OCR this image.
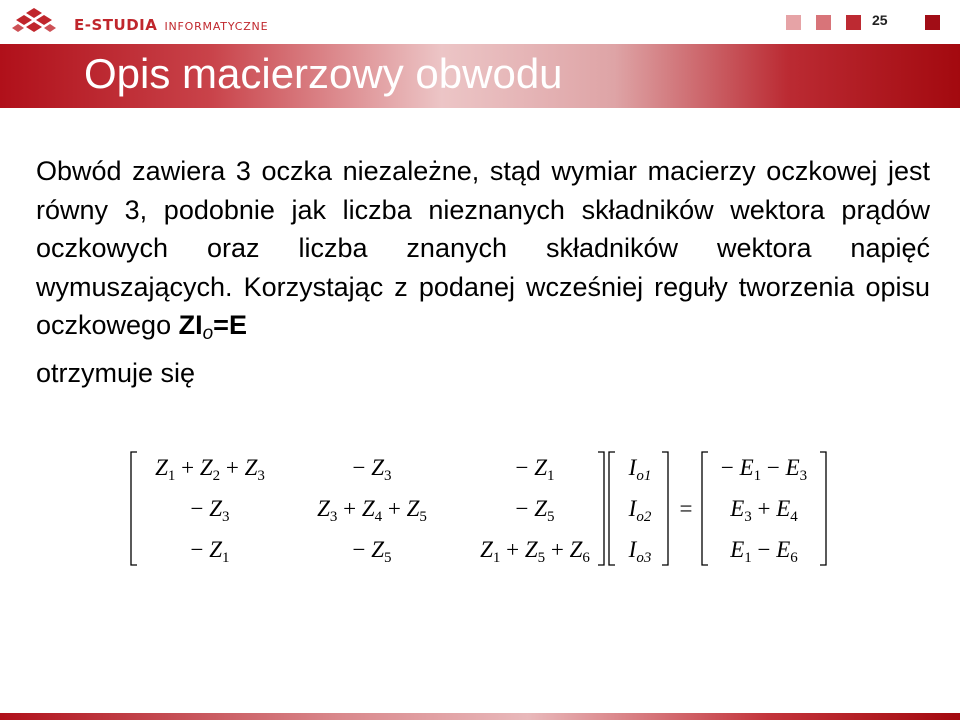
E-STUDIA INFORMATYCZNE	25
Opis macierzowy obwodu
Obwód zawiera 3 oczka niezależne, stąd wymiar macierzy oczkowej jest równy 3, podobnie jak liczba nieznanych składników wektora prądów oczkowych oraz liczba znanych składników wektora napięć wymuszających. Korzystając z podanej wcześniej reguły tworzenia opisu oczkowego $ZI_o=E$
otrzymuje się
$Z_1 + Z_2 + Z_3$	− $Z_3$	− $Z_1$
− $Z_3$	$Z_3 + Z_4 + Z_5$	− $Z_5$
− $Z_1$	− $Z_5$	$Z_1 + Z_5 + Z_6$
$I_{o1}$
$I_{o2}$
$I_{o3}$
=
− $E_1 - E_3$
$E_3 + E_4$
$E_1 - E_6$
